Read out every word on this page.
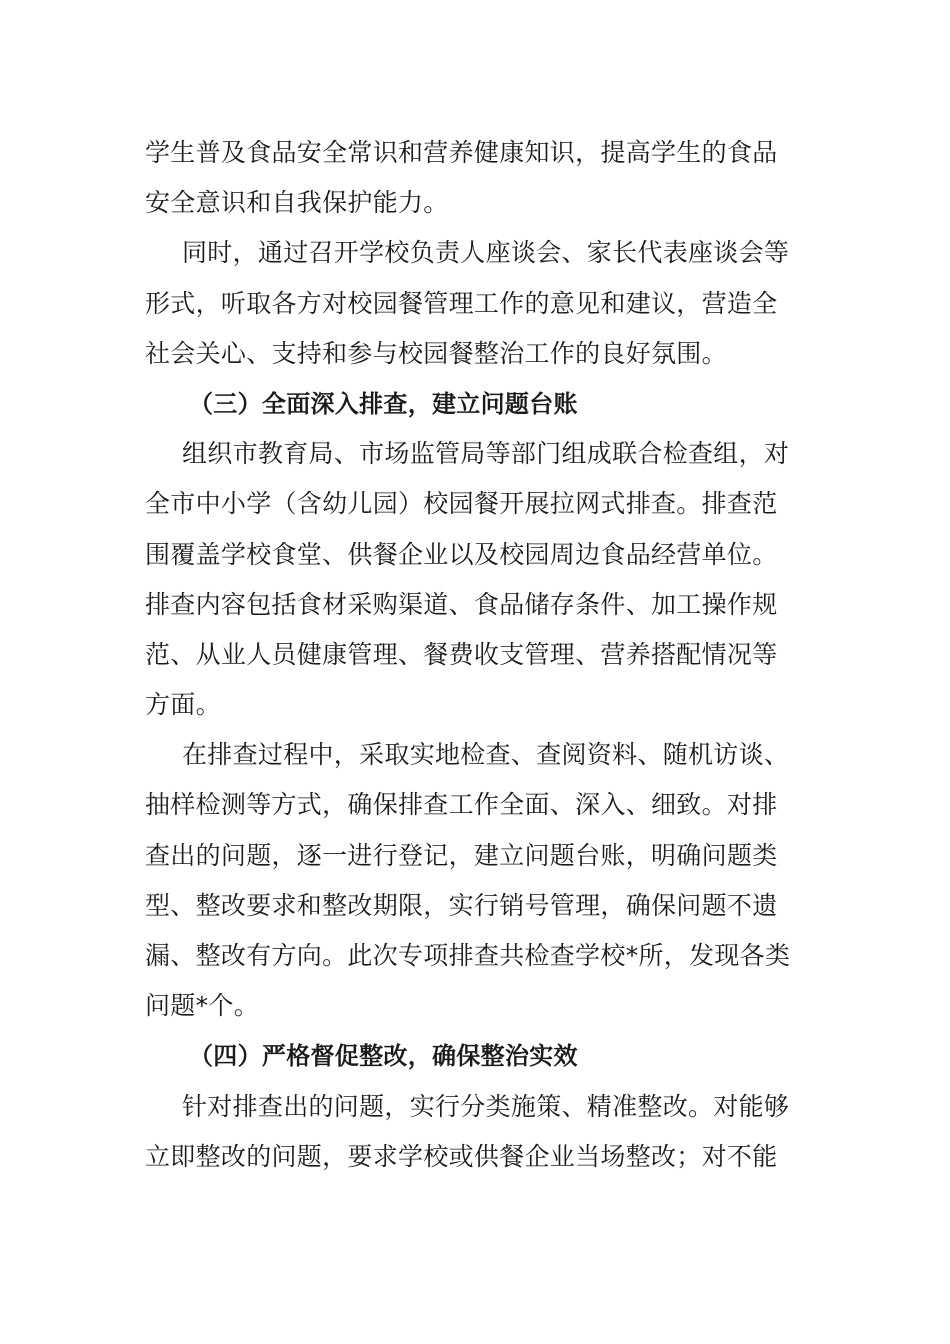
学生普及食品安全常识和营养健康知识，提高学生的食品
安全意识和自我保护能力。
同时，通过召开学校负责人座谈会、家长代表座谈会等
形式，听取各方对校园餐管理工作的意见和建议，营造全
社会关心、支持和参与校园餐整治工作的良好氛围。
（三）全面深入排查，建立问题台账
组织市教育局、市场监管局等部门组成联合检查组，对
全市中小学（含幼儿园）校园餐开展拉网式排查。排查范
围覆盖学校食堂、供餐企业以及校园周边食品经营单位。
排查内容包括食材采购渠道、食品储存条件、加工操作规
范、从业人员健康管理、餐费收支管理、营养搭配情况等
方面。
在排查过程中，采取实地检查、查阅资料、随机访谈、
抽样检测等方式，确保排查工作全面、深入、细致。对排
查出的问题，逐一进行登记，建立问题台账，明确问题类
型、整改要求和整改期限，实行销号管理，确保问题不遗
漏、整改有方向。此次专项排查共检查学校*所，发现各类
问题*个。
（四）严格督促整改，确保整治实效
针对排查出的问题，实行分类施策、精准整改。对能够
立即整改的问题，要求学校或供餐企业当场整改；对不能
